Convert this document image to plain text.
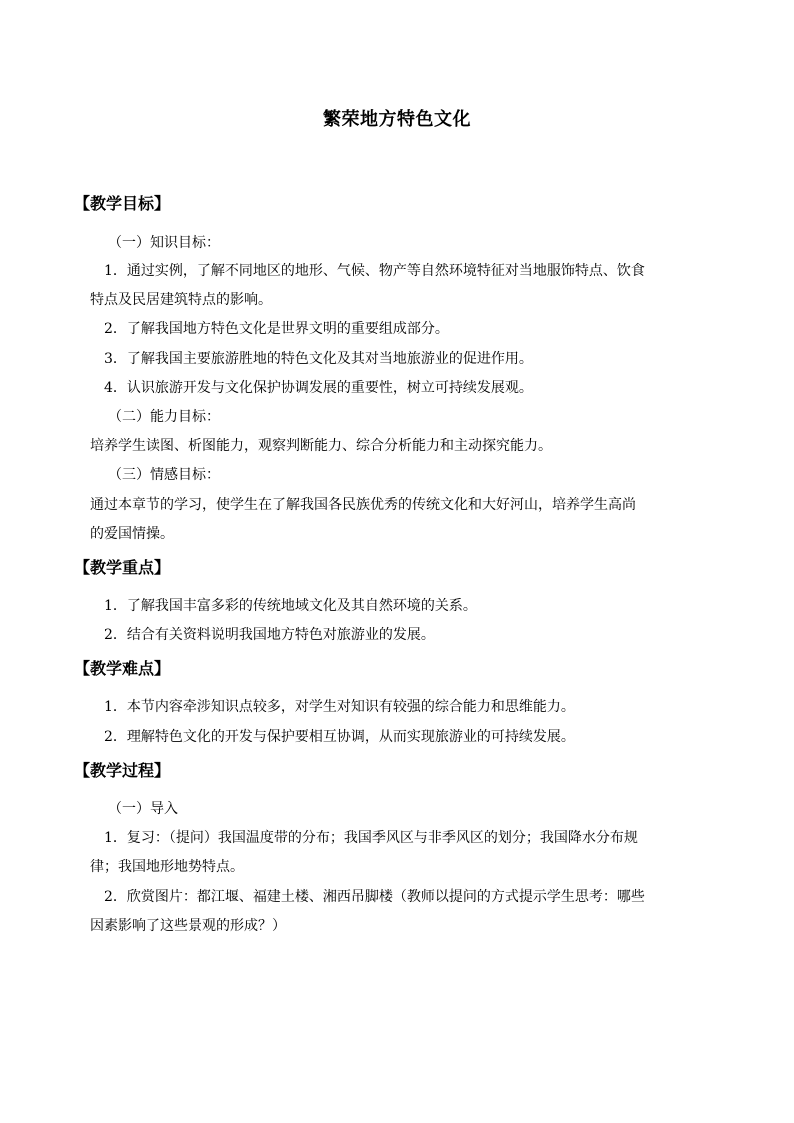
繁荣地方特色文化
【教学目标】
（一）知识目标：
1．通过实例，了解不同地区的地形、气候、物产等自然环境特征对当地服饰特点、饮食
特点及民居建筑特点的影响。
2．了解我国地方特色文化是世界文明的重要组成部分。
3．了解我国主要旅游胜地的特色文化及其对当地旅游业的促进作用。
4．认识旅游开发与文化保护协调发展的重要性，树立可持续发展观。
（二）能力目标：
培养学生读图、析图能力，观察判断能力、综合分析能力和主动探究能力。
（三）情感目标：
通过本章节的学习，使学生在了解我国各民族优秀的传统文化和大好河山，培养学生高尚
的爱国情操。
【教学重点】
1．了解我国丰富多彩的传统地域文化及其自然环境的关系。
2．结合有关资料说明我国地方特色对旅游业的发展。
【教学难点】
1．本节内容牵涉知识点较多，对学生对知识有较强的综合能力和思维能力。
2．理解特色文化的开发与保护要相互协调，从而实现旅游业的可持续发展。
【教学过程】
（一）导入
1．复习：（提问）我国温度带的分布；我国季风区与非季风区的划分；我国降水分布规
律；我国地形地势特点。
2．欣赏图片：都江堰、福建土楼、湘西吊脚楼（教师以提问的方式提示学生思考：哪些
因素影响了这些景观的形成？）
